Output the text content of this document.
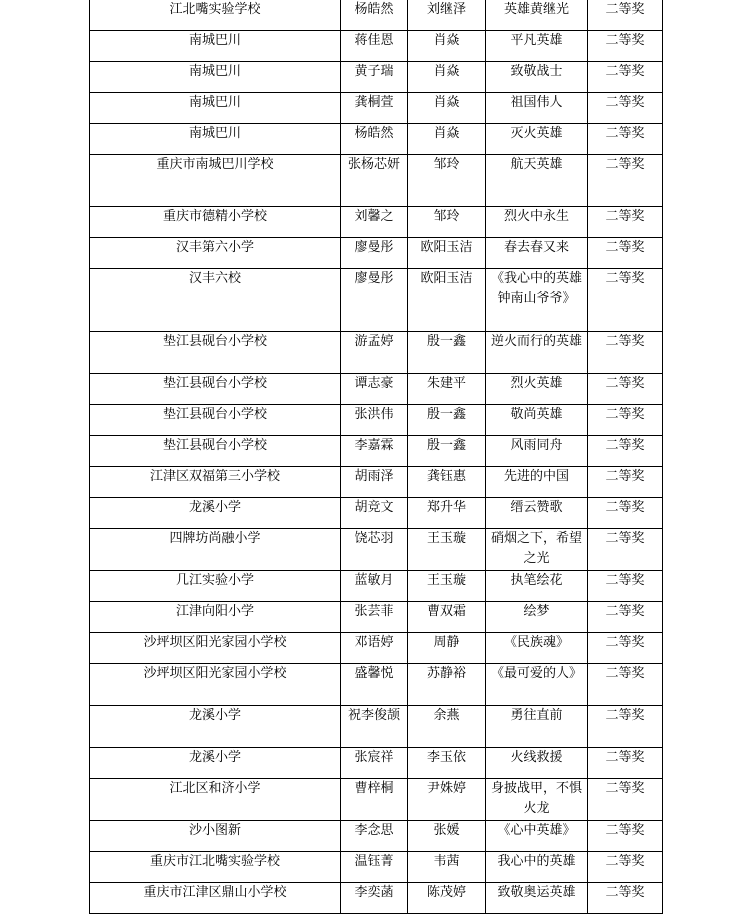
江北嘴实验学校	杨皓然	刘继泽	英雄黄继光	二等奖
南城巴川	蒋佳恩	肖焱	平凡英雄	二等奖
南城巴川	黄子瑞	肖焱	致敬战士	二等奖
南城巴川	龚桐萱	肖焱	祖国伟人	二等奖
南城巴川	杨皓然	肖焱	灭火英雄	二等奖
重庆市南城巴川学校	张杨芯妍	邹玲	航天英雄	二等奖
重庆市德精小学校	刘馨之	邹玲	烈火中永生	二等奖
汉丰第六小学	廖曼彤	欧阳玉洁	春去春又来	二等奖
汉丰六校	廖曼彤	欧阳玉洁	《我心中的英雄钟南山爷爷》	二等奖
垫江县砚台小学校	游孟婷	殷一鑫	逆火而行的英雄	二等奖
垫江县砚台小学校	谭志豪	朱建平	烈火英雄	二等奖
垫江县砚台小学校	张洪伟	殷一鑫	敬尚英雄	二等奖
垫江县砚台小学校	李嘉霖	殷一鑫	风雨同舟	二等奖
江津区双福第三小学校	胡雨泽	龚钰惠	先进的中国	二等奖
龙溪小学	胡竞文	郑升华	缙云赞歌	二等奖
四牌坊尚融小学	饶芯羽	王玉璇	硝烟之下，希望之光	二等奖
几江实验小学	蓝敏月	王玉璇	执笔绘花	二等奖
江津向阳小学	张芸菲	曹双霜	绘梦	二等奖
沙坪坝区阳光家园小学校	邓语婷	周静	《民族魂》	二等奖
沙坪坝区阳光家园小学校	盛馨悦	苏静裕	《最可爱的人》	二等奖
龙溪小学	祝李俊颉	余燕	勇往直前	二等奖
龙溪小学	张宸祥	李玉依	火线救援	二等奖
江北区和济小学	曹梓桐	尹姝婷	身披战甲，不惧火龙	二等奖
沙小图新	李念思	张媛	《心中英雄》	二等奖
重庆市江北嘴实验学校	温钰菁	韦茜	我心中的英雄	二等奖
重庆市江津区鼎山小学校	李奕菡	陈茂婷	致敬奥运英雄	二等奖
